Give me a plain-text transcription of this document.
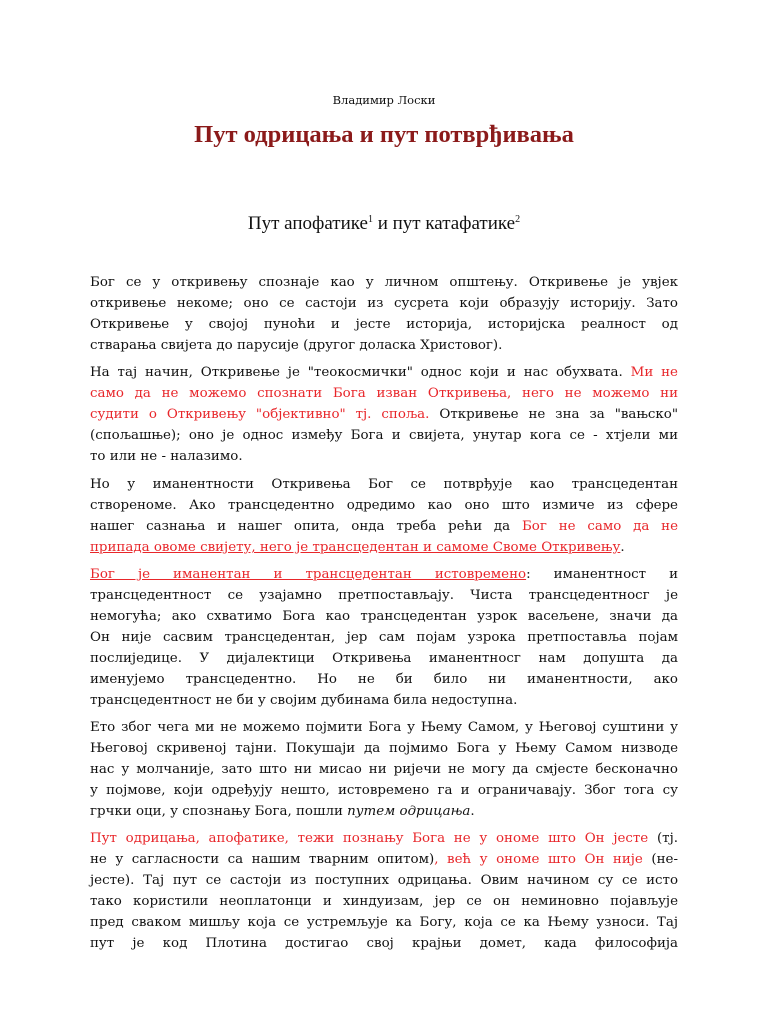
Владимир Лоски
Пут одрицања и пут потврђивања
Пут апофатике$^1$ и пут катафатике$^2$
Бог се у откривењу спознаје као у личном општењу. Откривење је увјек
откривење некоме; оно се састоји из сусрета који образују историју. Зато
Откривење у својој пуноћи и јесте историја, историјска реалност од
стварања свијета до парусије (другог доласка Христовог).
На тај начин, Откривење је "теокосмички" однос који и нас обухвата. Ми не
само да не можемо спознати Бога изван Откривења, него не можемо ни
судити о Откривењу "објективно" тј. споља. Откривење не зна за "вањско"
(спољашње); оно је однос између Бога и свијета, унутар кога се - хтјели ми
то или не - налазимо.
Но у иманентности Откривења Бог се потврђује као трансцедентан
створеноме. Ако трансцедентно одредимо као оно што измиче из сфере
нашег сазнања и нашег опита, онда треба рећи да Бог не само да не
припада овоме свијету, него је трансцедентан и самоме Своме Откривењу.
Бог је иманентан и трансцедентан истовремено: иманентност и
трансцедентност се узајамно претпостављају. Чиста трансцедентносг је
немогућа; ако схватимо Бога као трансцедентан узрок васељене, значи да
Он није сасвим трансцедентан, јер сам појам узрока претпоставља појам
послиједице. У дијалектици Откривења иманентносг нам допушта да
именујемо трансцедентно. Но не би било ни иманентности, ако
трансцедентност не би у својим дубинама била недоступна.
Ето због чега ми не можемо појмити Бога у Њему Самом, у Његовој суштини у
Његовој скривеној тајни. Покушаји да појмимо Бога у Њему Самом низводе
нас у молчаније, зато што ни мисао ни ријечи не могу да смјесте бесконачно
у појмове, који одређују нешто, истовремено га и ограничавају. Због тога су
грчки оци, у спознању Бога, пошли путем одрицања.
Пут одрицања, апофатике, тежи познању Бога не у ономе што Он јесте (тј.
не у сагласности са нашим тварним опитом), већ у ономе што Он није (не-
јесте). Тај пут се састоји из поступних одрицања. Овим начином су се исто
тако користили неоплатонци и хиндуизам, јер се он неминовно појављује
пред сваком мишљу која се устремљује ка Богу, која се ка Њему узноси. Тај
пут је код Плотина достигао свој крајњи домет, када философија
